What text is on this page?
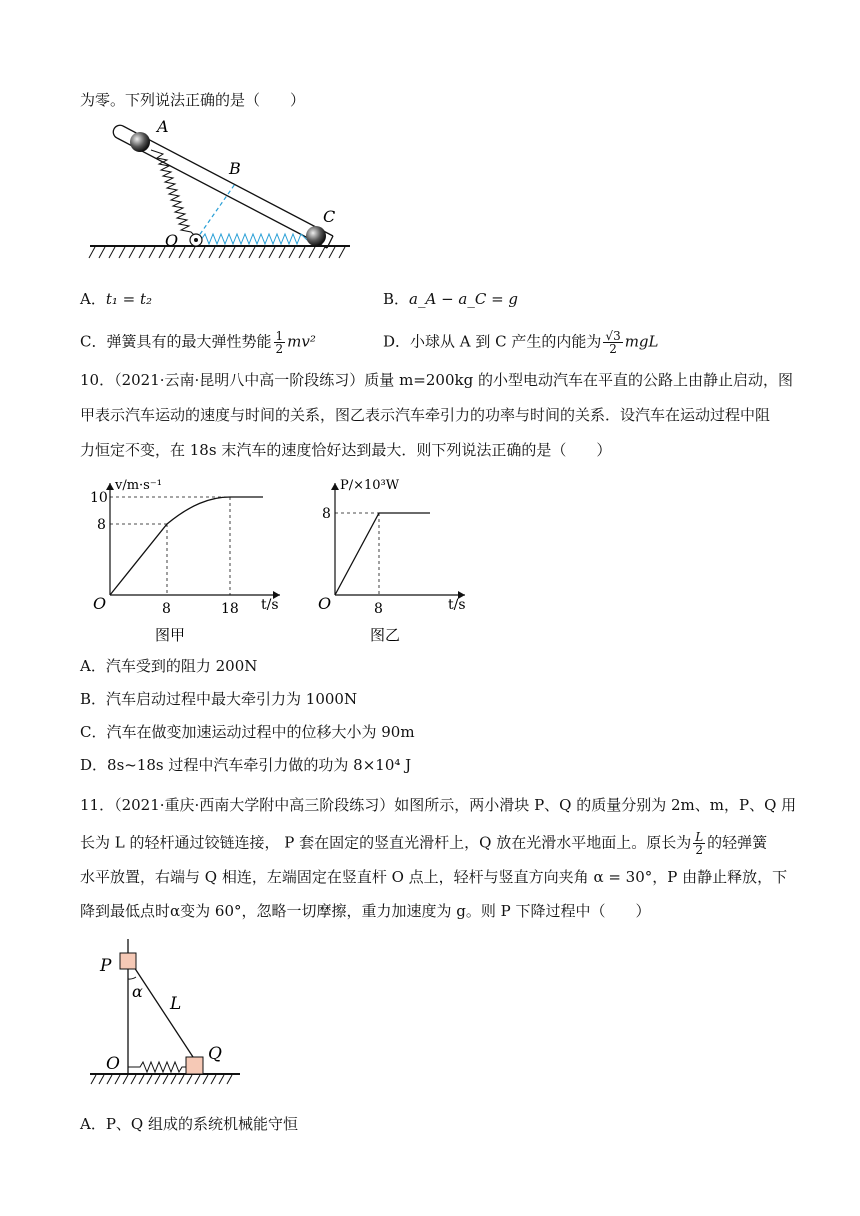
为零。下列说法正确的是（　　）
A
B
C
O
A．t₁ = t₂	B．a_A − a_C = g
C．弹簧具有的最大弹性势能 $\frac{1}{2} mv^2$	D．小球从 A 到 C 产生的内能为 $\frac{√3}{2}$ mgL
10．（2021·云南·昆明八中高一阶段练习）质量 m=200kg 的小型电动汽车在平直的公路上由静止启动，图
甲表示汽车运动的速度与时间的关系，图乙表示汽车牵引力的功率与时间的关系．设汽车在运动过程中阻
力恒定不变，在 18s 末汽车的速度恰好达到最大．则下列说法正确的是（　　）
v/m·s⁻¹
t/s
O
10
8
8	18
图甲
P/×10³W
t/s
O
8
8
图乙
A．汽车受到的阻力 200N
B．汽车启动过程中最大牵引力为 1000N
C．汽车在做变加速运动过程中的位移大小为 90m
D．8s~18s 过程中汽车牵引力做的功为 8×10⁴ J
11．（2021·重庆·西南大学附中高三阶段练习）如图所示，两小滑块 P、Q 的质量分别为 2m、m，P、Q 用
长为 L 的轻杆通过铰链连接， P 套在固定的竖直光滑杆上，Q 放在光滑水平地面上。原长为 $\frac{L}{2}$ 的轻弹簧
水平放置，右端与 Q 相连，左端固定在竖直杆 O 点上，轻杆与竖直方向夹角 α = 30°，P 由静止释放，下
降到最低点时α变为 60°，忽略一切摩擦，重力加速度为 g。则 P 下降过程中（　　）
P
α
L
O	Q
A．P、Q 组成的系统机械能守恒
